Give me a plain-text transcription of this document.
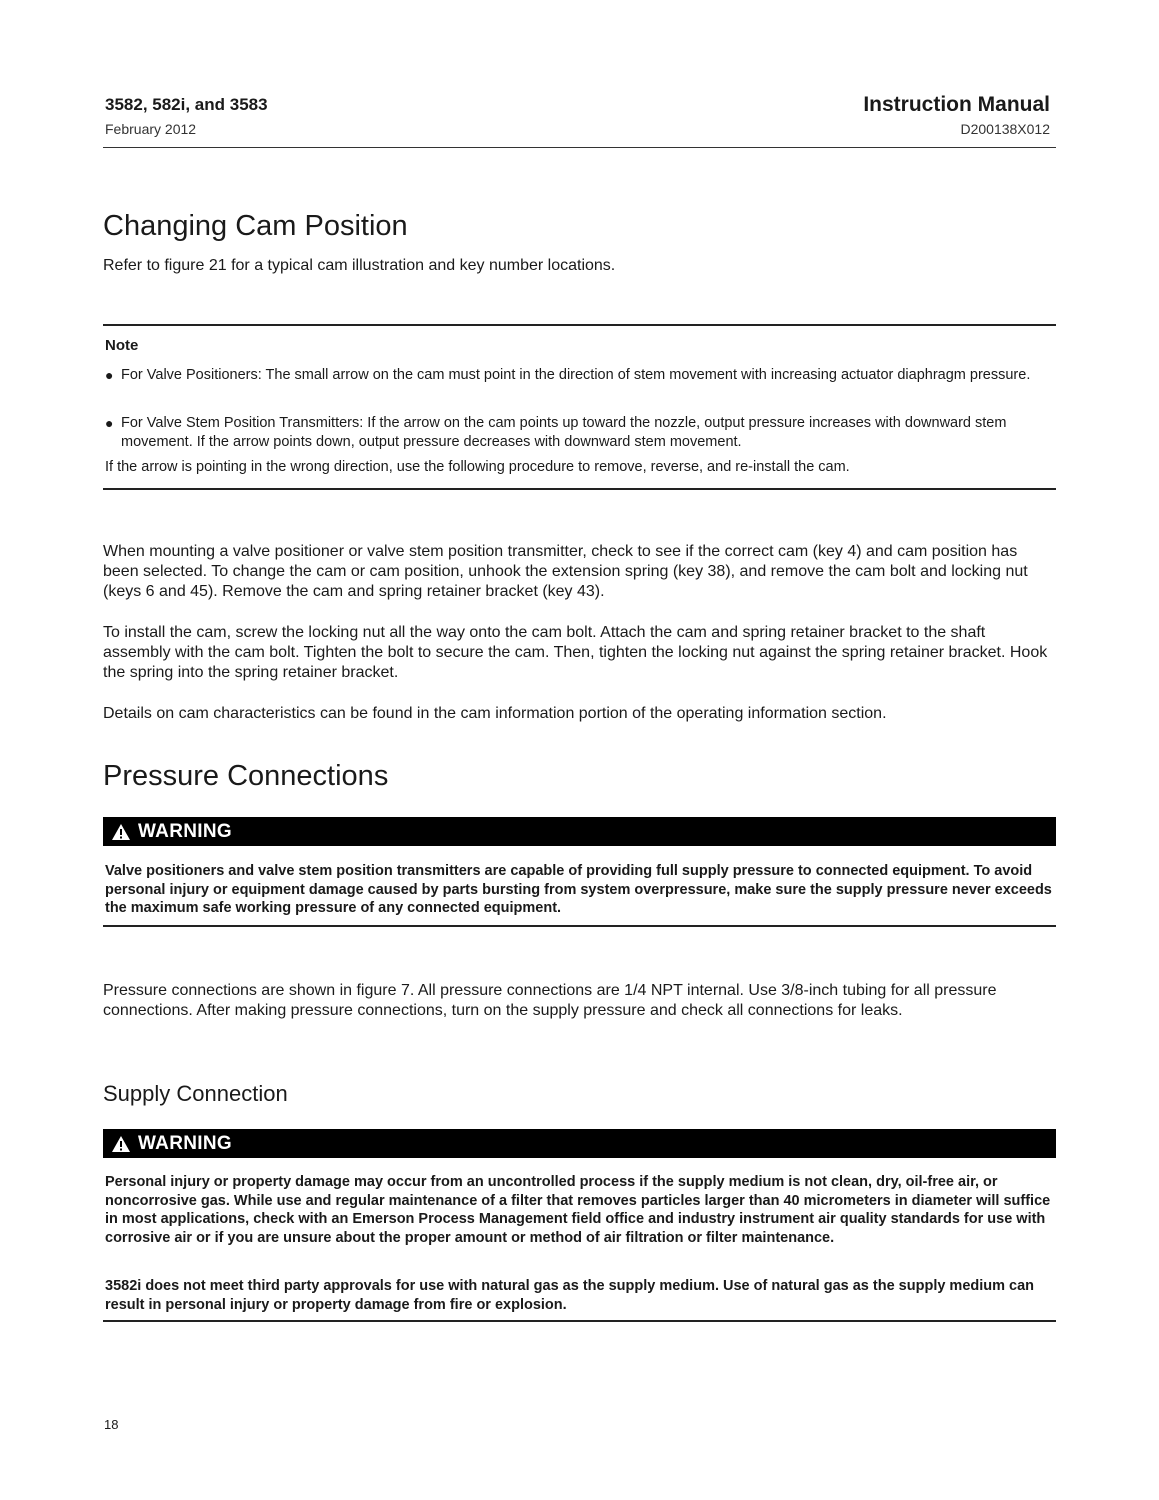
3582, 582i, and 3583
February 2012
Instruction Manual
D200138X012
Changing Cam Position

Refer to figure 21 for a typical cam illustration and key number locations.

Note
● For Valve Positioners: The small arrow on the cam must point in the direction of stem movement with increasing actuator diaphragm pressure.
● For Valve Stem Position Transmitters: If the arrow on the cam points up toward the nozzle, output pressure increases with downward stem movement. If the arrow points down, output pressure decreases with downward stem movement.
If the arrow is pointing in the wrong direction, use the following procedure to remove, reverse, and re-install the cam.

When mounting a valve positioner or valve stem position transmitter, check to see if the correct cam (key 4) and cam position has been selected. To change the cam or cam position, unhook the extension spring (key 38), and remove the cam bolt and locking nut (keys 6 and 45). Remove the cam and spring retainer bracket (key 43).

To install the cam, screw the locking nut all the way onto the cam bolt. Attach the cam and spring retainer bracket to the shaft assembly with the cam bolt. Tighten the bolt to secure the cam. Then, tighten the locking nut against the spring retainer bracket. Hook the spring into the spring retainer bracket.

Details on cam characteristics can be found in the cam information portion of the operating information section.

Pressure Connections
WARNING

Valve positioners and valve stem position transmitters are capable of providing full supply pressure to connected equipment. To avoid personal injury or equipment damage caused by parts bursting from system overpressure, make sure the supply pressure never exceeds the maximum safe working pressure of any connected equipment.

Pressure connections are shown in figure 7. All pressure connections are 1/4 NPT internal. Use 3/8-inch tubing for all pressure connections. After making pressure connections, turn on the supply pressure and check all connections for leaks.

Supply Connection
WARNING

Personal injury or property damage may occur from an uncontrolled process if the supply medium is not clean, dry, oil-free air, or noncorrosive gas. While use and regular maintenance of a filter that removes particles larger than 40 micrometers in diameter will suffice in most applications, check with an Emerson Process Management field office and industry instrument air quality standards for use with corrosive air or if you are unsure about the proper amount or method of air filtration or filter maintenance.

3582i does not meet third party approvals for use with natural gas as the supply medium. Use of natural gas as the supply medium can result in personal injury or property damage from fire or explosion.

18
